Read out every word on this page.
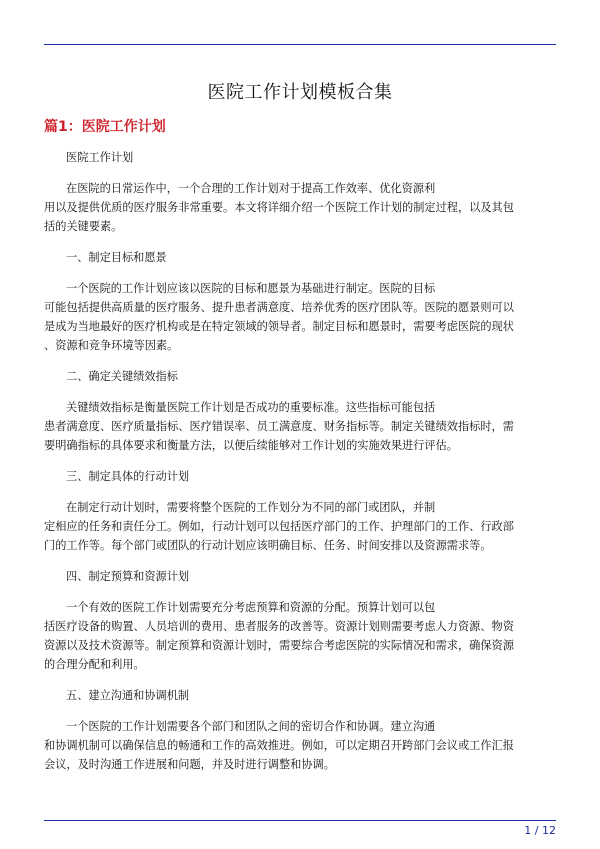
医院工作计划模板合集
篇1：医院工作计划

医院工作计划

在医院的日常运作中，一个合理的工作计划对于提高工作效率、优化资源利
用以及提供优质的医疗服务非常重要。本文将详细介绍一个医院工作计划的制定过程，以及其包
括的关键要素。

一、制定目标和愿景

一个医院的工作计划应该以医院的目标和愿景为基础进行制定。医院的目标
可能包括提供高质量的医疗服务、提升患者满意度、培养优秀的医疗团队等。医院的愿景则可以
是成为当地最好的医疗机构或是在特定领域的领导者。制定目标和愿景时，需要考虑医院的现状
、资源和竞争环境等因素。

二、确定关键绩效指标

关键绩效指标是衡量医院工作计划是否成功的重要标准。这些指标可能包括
患者满意度、医疗质量指标、医疗错误率、员工满意度、财务指标等。制定关键绩效指标时，需
要明确指标的具体要求和衡量方法，以便后续能够对工作计划的实施效果进行评估。

三、制定具体的行动计划

在制定行动计划时，需要将整个医院的工作划分为不同的部门或团队，并制
定相应的任务和责任分工。例如，行动计划可以包括医疗部门的工作、护理部门的工作、行政部
门的工作等。每个部门或团队的行动计划应该明确目标、任务、时间安排以及资源需求等。

四、制定预算和资源计划

一个有效的医院工作计划需要充分考虑预算和资源的分配。预算计划可以包
括医疗设备的购置、人员培训的费用、患者服务的改善等。资源计划则需要考虑人力资源、物资
资源以及技术资源等。制定预算和资源计划时，需要综合考虑医院的实际情况和需求，确保资源
的合理分配和利用。

五、建立沟通和协调机制

一个医院的工作计划需要各个部门和团队之间的密切合作和协调。建立沟通
和协调机制可以确保信息的畅通和工作的高效推进。例如，可以定期召开跨部门会议或工作汇报
会议，及时沟通工作进展和问题，并及时进行调整和协调。

1 / 12
